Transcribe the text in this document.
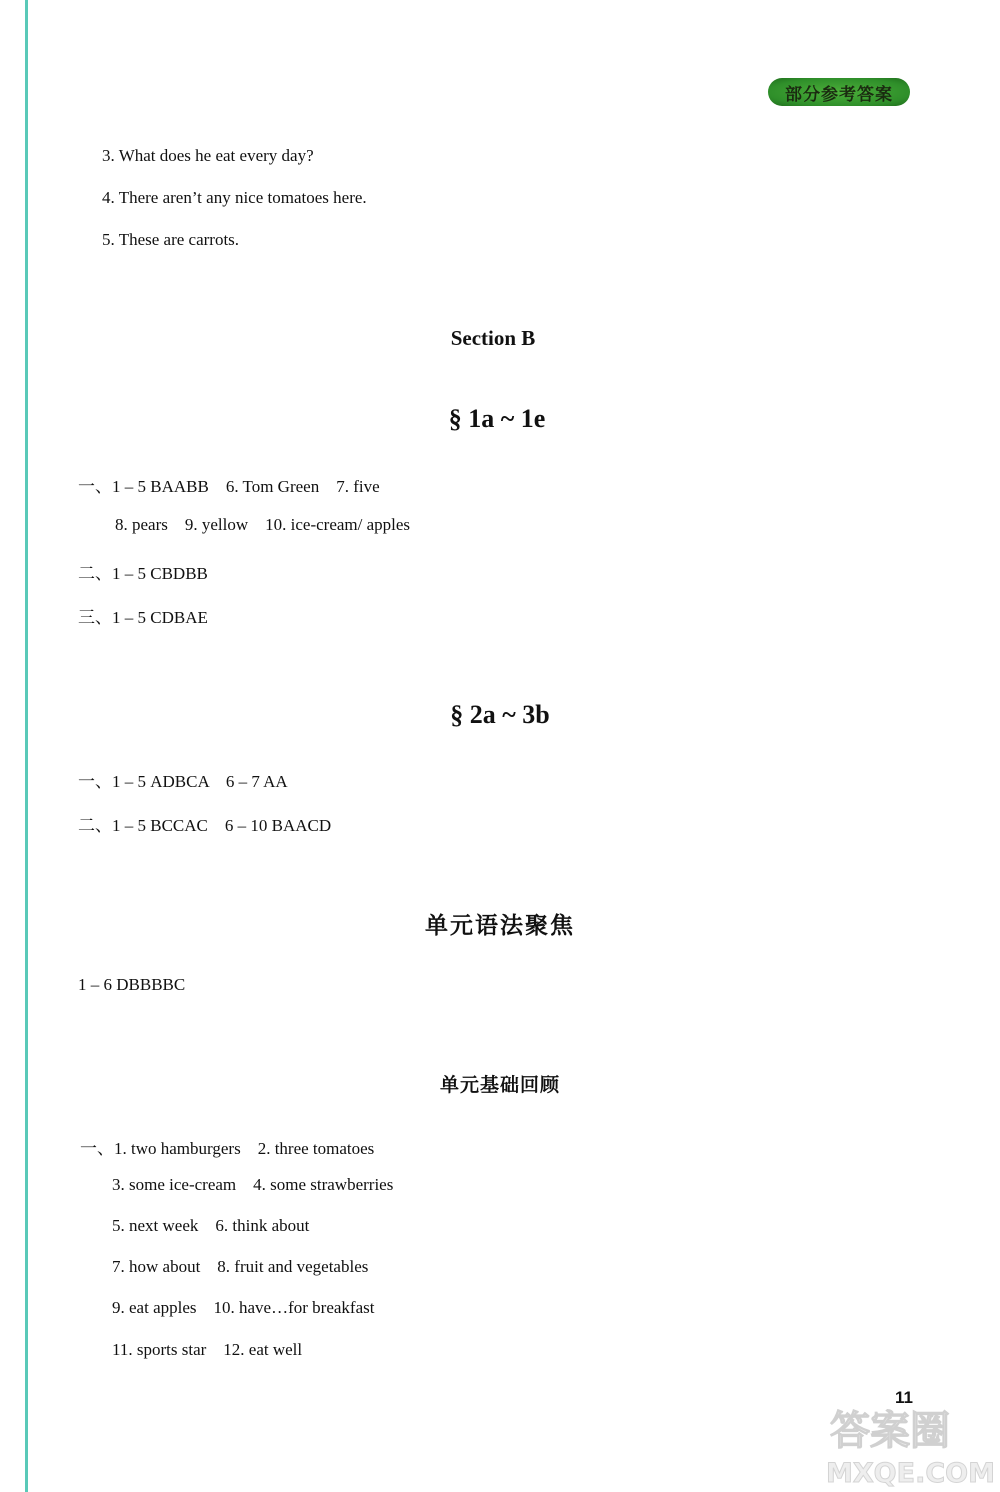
部分参考答案
3. What does he eat every day?
4. There aren’t any nice tomatoes here.
5. These are carrots.
Section B
§ 1a ~ 1e
一、1 – 5 BAABB    6. Tom Green    7. five
8. pears    9. yellow    10. ice-cream/ apples
二、1 – 5 CBDBB
三、1 – 5 CDBAE
§ 2a ~ 3b
一、1 – 5 ADBCA    6 – 7 AA
二、1 – 5 BCCAC    6 – 10 BAACD
单元语法聚焦
1 – 6 DBBBBC
单元基础回顾
一、1. two hamburgers    2. three tomatoes
3. some ice-cream    4. some strawberries
5. next week    6. think about
7. how about    8. fruit and vegetables
9. eat apples    10. have…for breakfast
11. sports star    12. eat well
11
答案圈
MXQE.COM
